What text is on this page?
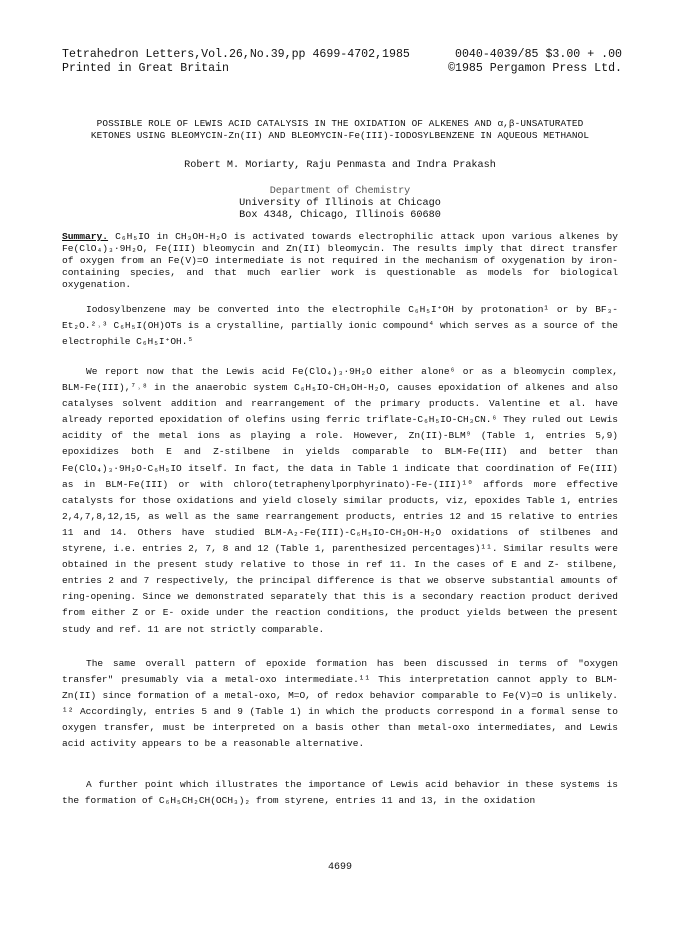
Tetrahedron Letters,Vol.26,No.39,pp 4699-4702,1985	0040-4039/85 $3.00 + .00
Printed in Great Britain	©1985 Pergamon Press Ltd.
POSSIBLE ROLE OF LEWIS ACID CATALYSIS IN THE OXIDATION OF ALKENES AND α,β-UNSATURATED
KETONES USING BLEOMYCIN-Zn(II) AND BLEOMYCIN-Fe(III)-IODOSYLBENZENE IN AQUEOUS METHANOL
Robert M. Moriarty, Raju Penmasta and Indra Prakash
Department of Chemistry
University of Illinois at Chicago
Box 4348, Chicago, Illinois 60680
Summary. C₆H₅IO in CH₃OH-H₂O is activated towards electrophilic attack upon various alkenes by Fe(ClO₄)₃·9H₂O, Fe(III) bleomycin and Zn(II) bleomycin. The results imply that direct transfer of oxygen from an Fe(V)=O intermediate is not required in the mechanism of oxygenation by iron-containing species, and that much earlier work is questionable as models for biological oxygenation.
Iodosylbenzene may be converted into the electrophile C₆H₅I⁺OH by protonation¹ or by BF₃-Et₂O.²˒³ C₆H₅I(OH)OTs is a crystalline, partially ionic compound⁴ which serves as a source of the electrophile C₆H₅I⁺OH.⁵
We report now that the Lewis acid Fe(ClO₄)₃·9H₂O either alone⁶ or as a bleomycin complex, BLM-Fe(III),⁷˒⁸ in the anaerobic system C₆H₅IO-CH₃OH-H₂O, causes epoxidation of alkenes and also catalyses solvent addition and rearrangement of the primary products. Valentine et al. have already reported epoxidation of olefins using ferric triflate-C₆H₅IO-CH₃CN.⁶ They ruled out Lewis acidity of the metal ions as playing a role. However, Zn(II)-BLM⁹ (Table 1, entries 5,9) epoxidizes both E and Z-stilbene in yields comparable to BLM-Fe(III) and better than Fe(ClO₄)₃·9H₂O-C₆H₅IO itself. In fact, the data in Table 1 indicate that coordination of Fe(III) as in BLM-Fe(III) or with chloro(tetraphenylporphyrinato)-Fe-(III)¹⁰ affords more effective catalysts for those oxidations and yield closely similar products, viz, epoxides Table 1, entries 2,4,7,8,12,15, as well as the same rearrangement products, entries 12 and 15 relative to entries 11 and 14. Others have studied BLM-A₂-Fe(III)-C₆H₅IO-CH₃OH-H₂O oxidations of stilbenes and styrene, i.e. entries 2, 7, 8 and 12 (Table 1, parenthesized percentages)¹¹. Similar results were obtained in the present study relative to those in ref 11. In the cases of E and Z- stilbene, entries 2 and 7 respectively, the principal difference is that we observe substantial amounts of ring-opening. Since we demonstrated separately that this is a secondary reaction product derived from either Z or E- oxide under the reaction conditions, the product yields between the present study and ref. 11 are not strictly comparable.
The same overall pattern of epoxide formation has been discussed in terms of "oxygen transfer" presumably via a metal-oxo intermediate.¹¹ This interpretation cannot apply to BLM-Zn(II) since formation of a metal-oxo, M=O, of redox behavior comparable to Fe(V)=O is unlikely. ¹² Accordingly, entries 5 and 9 (Table 1) in which the products correspond in a formal sense to oxygen transfer, must be interpreted on a basis other than metal-oxo intermediates, and Lewis acid activity appears to be a reasonable alternative.
A further point which illustrates the importance of Lewis acid behavior in these systems is the formation of C₆H₅CH₂CH(OCH₃)₂ from styrene, entries 11 and 13, in the oxidation
4699
